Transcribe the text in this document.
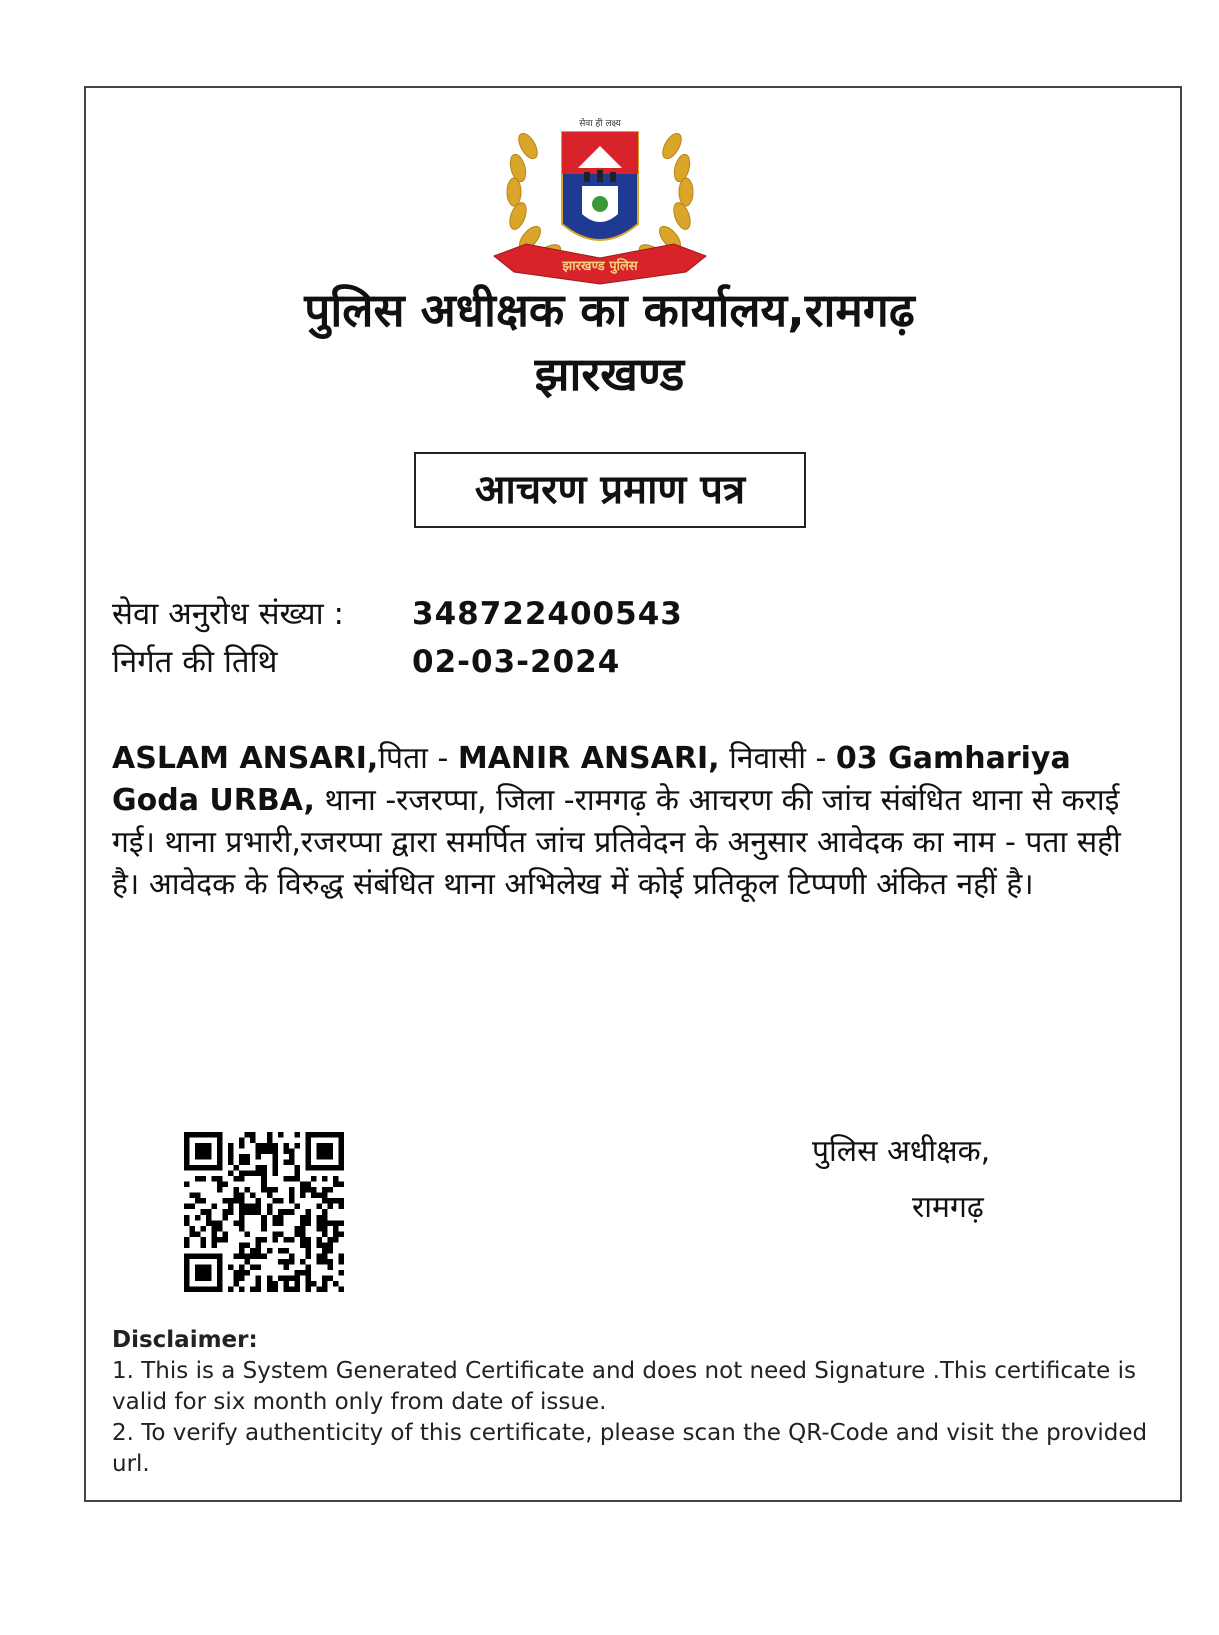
सेवा ही लक्ष्य
झारखण्ड पुलिस
पुलिस अधीक्षक का कार्यालय,रामगढ़
झारखण्ड
आचरण प्रमाण पत्र
सेवा अनुरोध संख्या : 348722400543
निर्गत की तिथि	02-03-2024
ASLAM ANSARI,पिता - MANIR ANSARI, निवासी - 03 Gamhariya Goda URBA, थाना -रजरप्पा, जिला -रामगढ़ के आचरण की जांच संबंधित थाना से कराई गई। थाना प्रभारी,रजरप्पा द्वारा समर्पित जांच प्रतिवेदन के अनुसार आवेदक का नाम - पता सही है। आवेदक के विरुद्ध संबंधित थाना अभिलेख में कोई प्रतिकूल टिप्पणी अंकित नहीं है।
पुलिस अधीक्षक,
रामगढ़
Disclaimer:
1. This is a System Generated Certificate and does not need Signature .This certificate is valid for six month only from date of issue.
2. To verify authenticity of this certificate, please scan the QR-Code and visit the provided url.
